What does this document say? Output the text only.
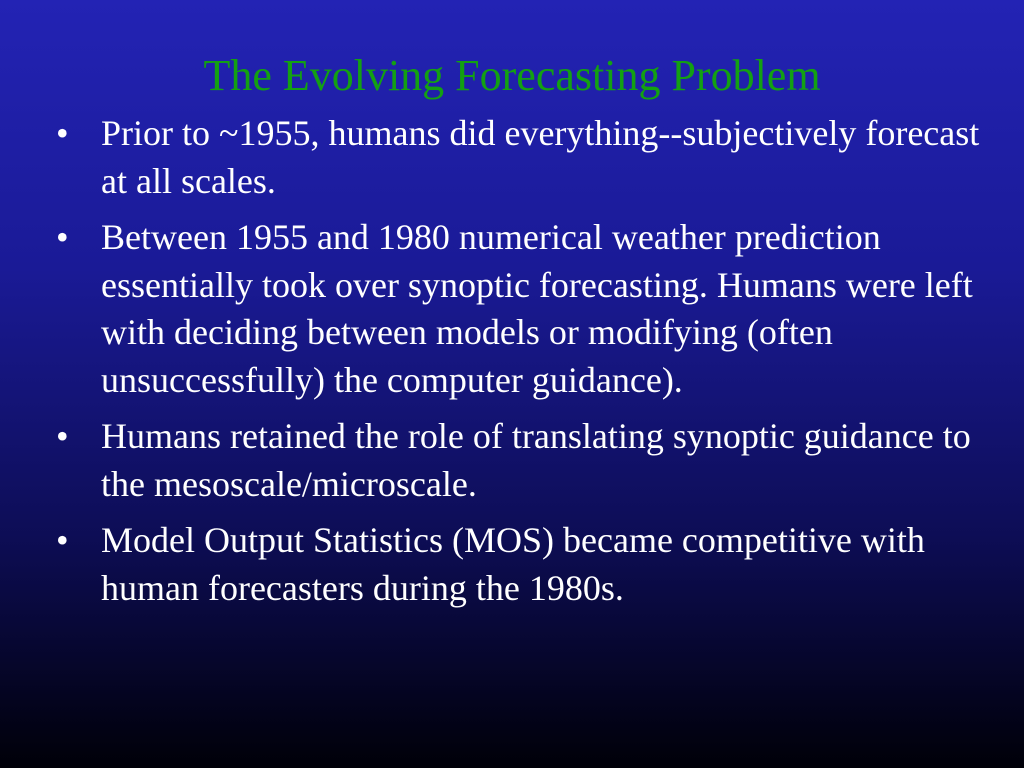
The Evolving Forecasting Problem
• Prior to ~1955, humans did everything--subjectively forecast at all scales.
• Between 1955 and 1980 numerical weather prediction essentially took over synoptic forecasting. Humans were left with deciding between models or modifying (often unsuccessfully) the computer guidance).
• Humans retained the role of translating synoptic guidance to the mesoscale/microscale.
• Model Output Statistics (MOS) became competitive with human forecasters during the 1980s.
